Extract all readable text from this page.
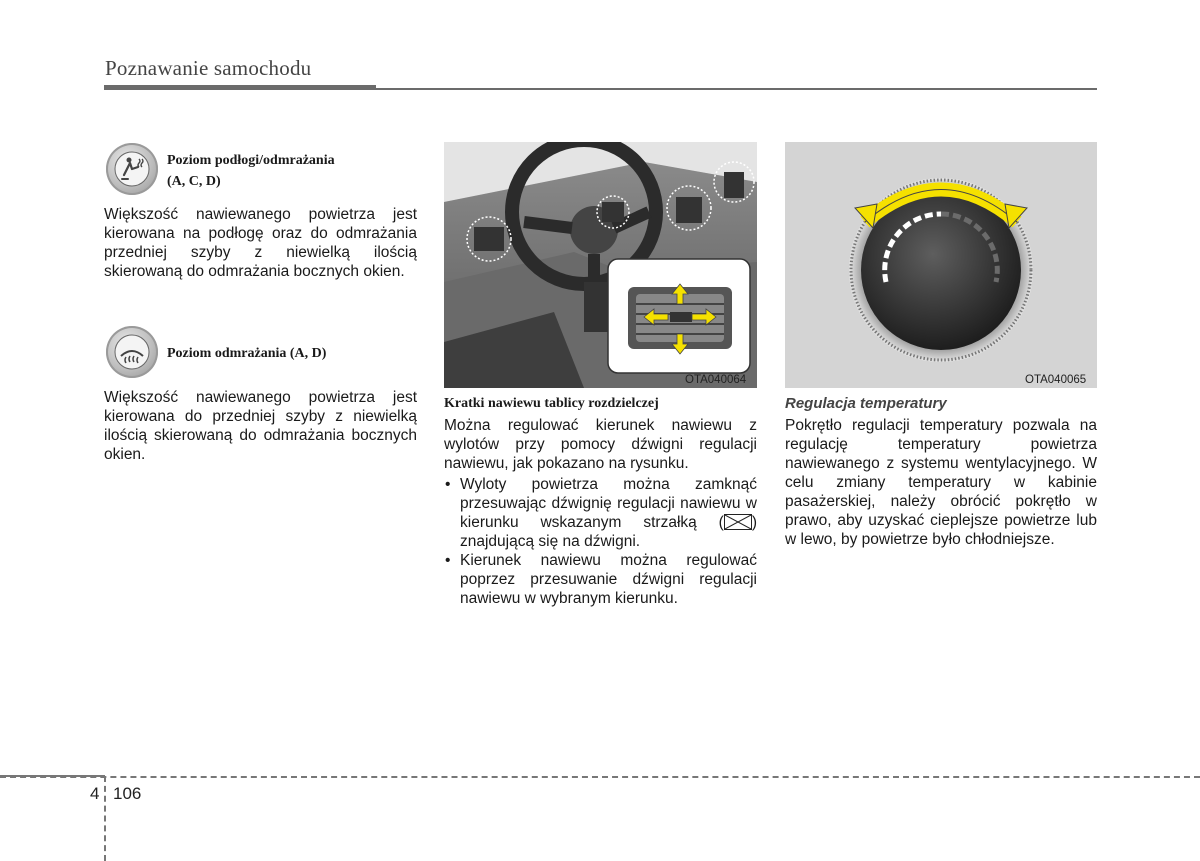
Poznawanie samochodu
Poziom podłogi/odmrażania
(A, C, D)
Większość nawiewanego powietrza jest kierowana na podłogę oraz do odmrażania przedniej szyby z niewielką ilością skierowaną do odmrażania bocznych okien.
Poziom odmrażania (A, D)
Większość nawiewanego powietrza jest kierowana do przedniej szyby z niewielką ilością skierowaną do odmrażania bocznych okien.
OTA040064
Kratki nawiewu tablicy rozdzielczej
Można regulować kierunek nawiewu z wylotów przy pomocy dźwigni regulacji nawiewu, jak pokazano na rysunku.
• Wyloty powietrza można zamknąć przesuwając dźwignię regulacji nawiewu w kierunku wskazanym strzałką ( ) znajdującą się na dźwigni.
• Kierunek nawiewu można regulować poprzez przesuwanie dźwigni regulacji nawiewu w wybranym kierunku.
OTA040065
Regulacja temperatury
Pokrętło regulacji temperatury pozwala na regulację temperatury powietrza nawiewanego z systemu wentylacyjnego. W celu zmiany temperatury w kabinie pasażerskiej, należy obrócić pokrętło w prawo, aby uzyskać cieplejsze powietrze lub w lewo, by powietrze było chłodniejsze.
4 106
